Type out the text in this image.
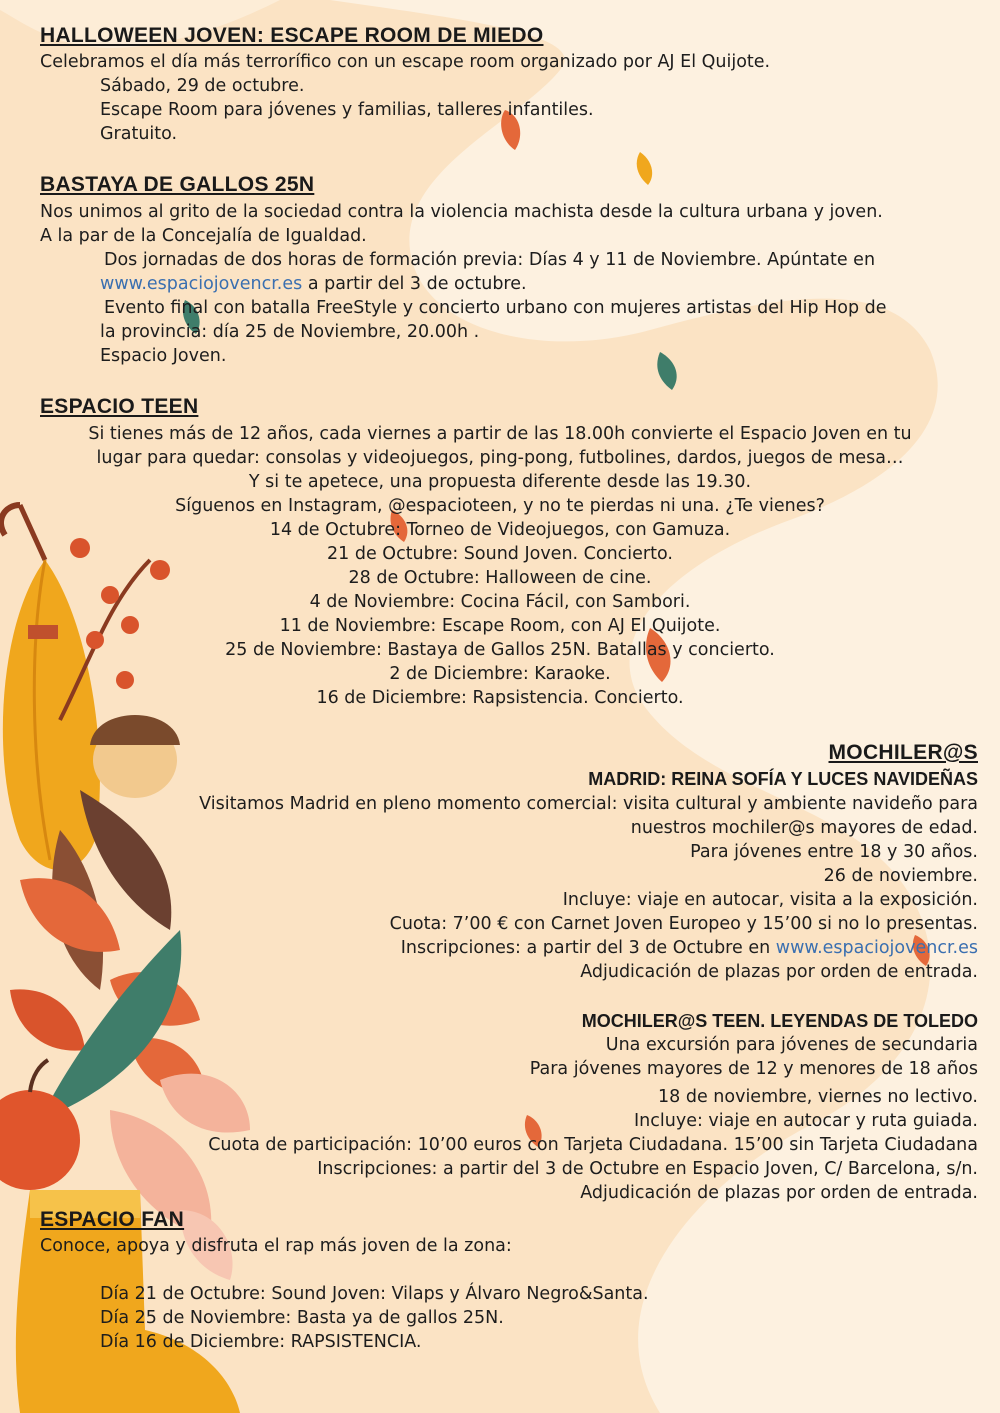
HALLOWEEN JOVEN: ESCAPE ROOM DE MIEDO
Celebramos el día más terrorífico con un escape room organizado por AJ El Quijote.
Sábado, 29 de octubre.
Escape Room para jóvenes y familias, talleres infantiles.
Gratuito.
BASTAYA DE GALLOS 25N
Nos unimos al grito de la sociedad contra la violencia machista desde la cultura urbana y joven.
A la par de la Concejalía de Igualdad.
Dos jornadas de dos horas de formación previa: Días 4 y 11 de Noviembre. Apúntate en
www.espaciojovencr.es a partir del 3 de octubre.
Evento final con batalla FreeStyle y concierto urbano con mujeres artistas del Hip Hop de
la provincia: día 25 de Noviembre, 20.00h .
Espacio Joven.
ESPACIO TEEN
Si tienes más de 12 años, cada viernes a partir de las 18.00h convierte el Espacio Joven en tu
lugar para quedar: consolas y videojuegos, ping-pong, futbolines, dardos, juegos de mesa…
Y si te apetece, una propuesta diferente desde las 19.30.
Síguenos en Instagram, @espacioteen, y no te pierdas ni una. ¿Te vienes?
14 de Octubre: Torneo de Videojuegos, con Gamuza.
21 de Octubre: Sound Joven. Concierto.
28 de Octubre: Halloween de cine.
4 de Noviembre: Cocina Fácil, con Sambori.
11 de Noviembre: Escape Room, con AJ El Quijote.
25 de Noviembre: Bastaya de Gallos 25N. Batallas y concierto.
2 de Diciembre: Karaoke.
16 de Diciembre: Rapsistencia. Concierto.
MOCHILER@S
MADRID: REINA SOFÍA Y LUCES NAVIDEÑAS
Visitamos Madrid en pleno momento comercial: visita cultural y ambiente navideño para
nuestros mochiler@s mayores de edad.
Para jóvenes entre 18 y 30 años.
26 de noviembre.
Incluye: viaje en autocar, visita a la exposición.
Cuota: 7’00 € con Carnet Joven Europeo y 15’00 si no lo presentas.
Inscripciones: a partir del 3 de Octubre en www.espaciojovencr.es
Adjudicación de plazas por orden de entrada.
MOCHILER@S TEEN. LEYENDAS DE TOLEDO
Una excursión para jóvenes de secundaria
Para jóvenes mayores de 12 y menores de 18 años
18 de noviembre, viernes no lectivo.
Incluye: viaje en autocar y ruta guiada.
Cuota de participación: 10’00 euros con Tarjeta Ciudadana. 15’00 sin Tarjeta Ciudadana
Inscripciones: a partir del 3 de Octubre en Espacio Joven, C/ Barcelona, s/n.
Adjudicación de plazas por orden de entrada.
ESPACIO FAN
Conoce, apoya y disfruta el rap más joven de la zona:
Día 21 de Octubre: Sound Joven: Vilaps y Álvaro Negro&Santa.
Día 25 de Noviembre: Basta ya de gallos 25N.
Día 16 de Diciembre: RAPSISTENCIA.
